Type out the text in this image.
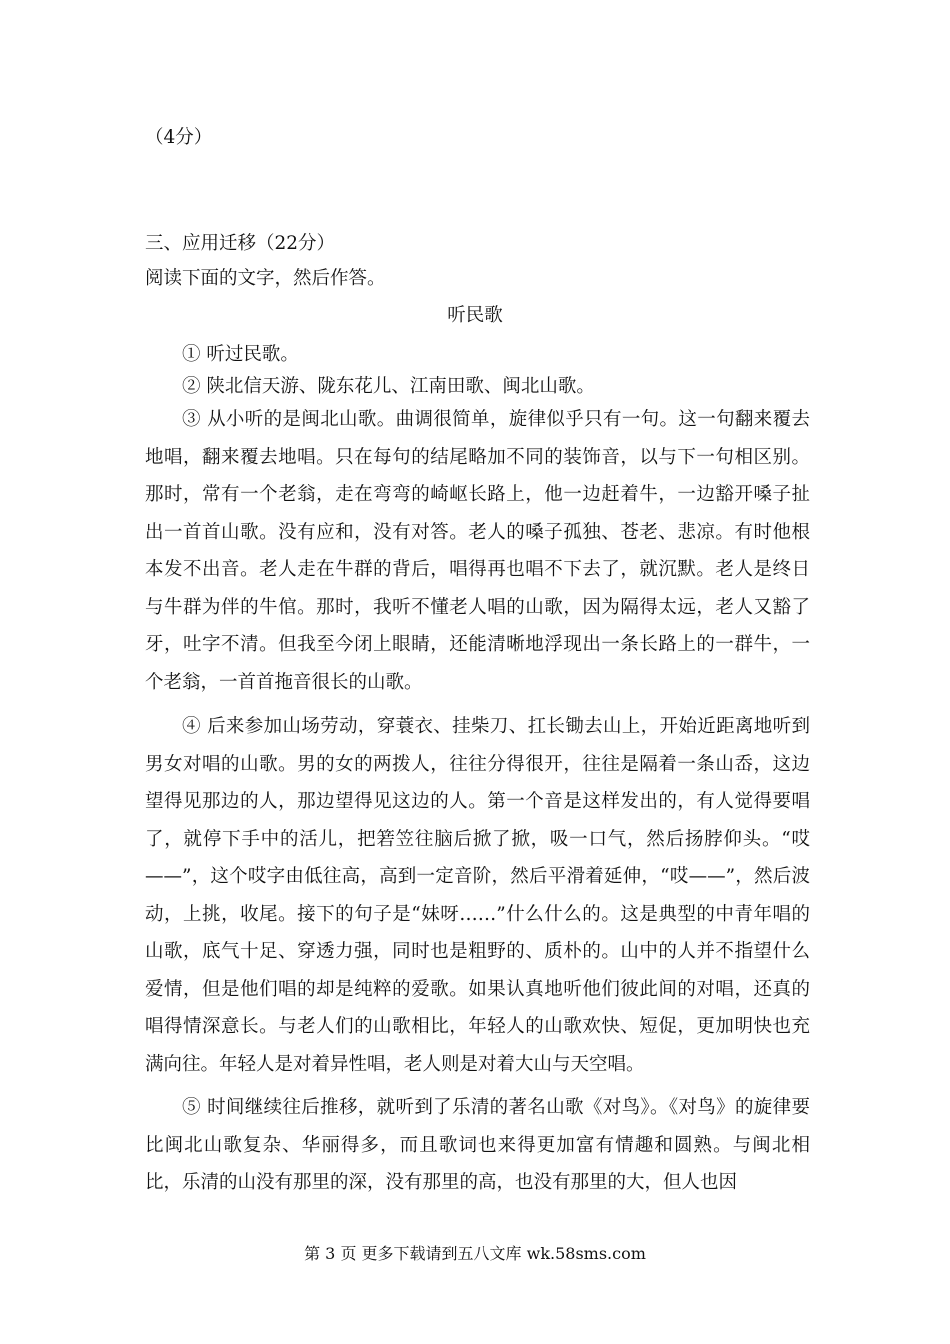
（4分）
三、应用迁移（22分）
阅读下面的文字，然后作答。
听民歌

① 听过民歌。

② 陕北信天游、陇东花儿、江南田歌、闽北山歌。

③ 从小听的是闽北山歌。曲调很简单，旋律似乎只有一句。这一句翻来覆去地唱，翻来覆去地唱。只在每句的结尾略加不同的装饰音，以与下一句相区别。那时，常有一个老翁，走在弯弯的崎岖长路上，他一边赶着牛，一边豁开嗓子扯出一首首山歌。没有应和，没有对答。老人的嗓子孤独、苍老、悲凉。有时他根本发不出音。老人走在牛群的背后，唱得再也唱不下去了，就沉默。老人是终日与牛群为伴的牛倌。那时，我听不懂老人唱的山歌，因为隔得太远，老人又豁了牙，吐字不清。但我至今闭上眼睛，还能清晰地浮现出一条长路上的一群牛，一个老翁，一首首拖音很长的山歌。

④ 后来参加山场劳动，穿蓑衣、挂柴刀、扛长锄去山上，开始近距离地听到男女对唱的山歌。男的女的两拨人，往往分得很开，往往是隔着一条山岙，这边望得见那边的人，那边望得见这边的人。第一个音是这样发出的，有人觉得要唱了，就停下手中的活儿，把箬笠往脑后掀了掀，吸一口气，然后扬脖仰头。“哎——”，这个哎字由低往高，高到一定音阶，然后平滑着延伸，“哎——”，然后波动，上挑，收尾。接下的句子是“妹呀……”什么什么的。这是典型的中青年唱的山歌，底气十足、穿透力强，同时也是粗野的、质朴的。山中的人并不指望什么爱情，但是他们唱的却是纯粹的爱歌。如果认真地听他们彼此间的对唱，还真的唱得情深意长。与老人们的山歌相比，年轻人的山歌欢快、短促，更加明快也充满向往。年轻人是对着异性唱，老人则是对着大山与天空唱。

⑤ 时间继续往后推移，就听到了乐清的著名山歌《对鸟》。《对鸟》的旋律要比闽北山歌复杂、华丽得多，而且歌词也来得更加富有情趣和圆熟。与闽北相比，乐清的山没有那里的深，没有那里的高，也没有那里的大，但人也因

第 3 页 更多下载请到五八文库 wk.58sms.com
